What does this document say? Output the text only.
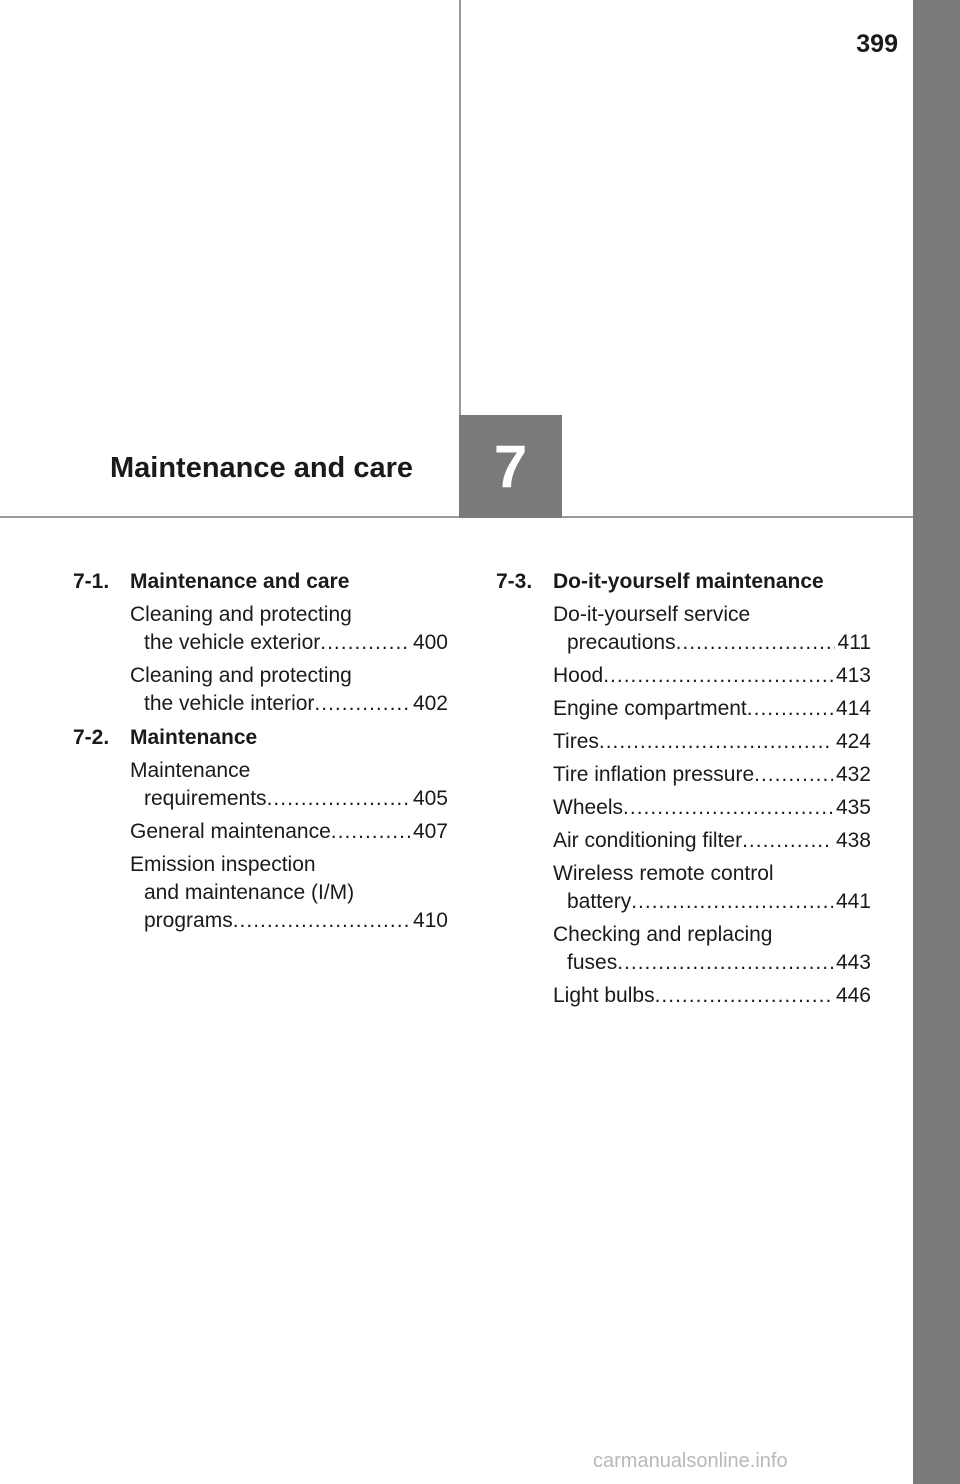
399
Maintenance and care 7
7-1. Maintenance and care
Cleaning and protecting
the vehicle exterior .....	400
Cleaning and protecting
the vehicle interior .....	402
7-2. Maintenance
Maintenance
requirements .....	405
General maintenance .....	407
Emission inspection
and maintenance (I/M)
programs .....	410
7-3. Do-it-yourself maintenance
Do-it-yourself service
precautions .....	411
Hood .....	413
Engine compartment .....	414
Tires .....	424
Tire inflation pressure .....	432
Wheels .....	435
Air conditioning filter .....	438
Wireless remote control
battery .....	441
Checking and replacing
fuses .....	443
Light bulbs .....	446
carmanualsonline.info
